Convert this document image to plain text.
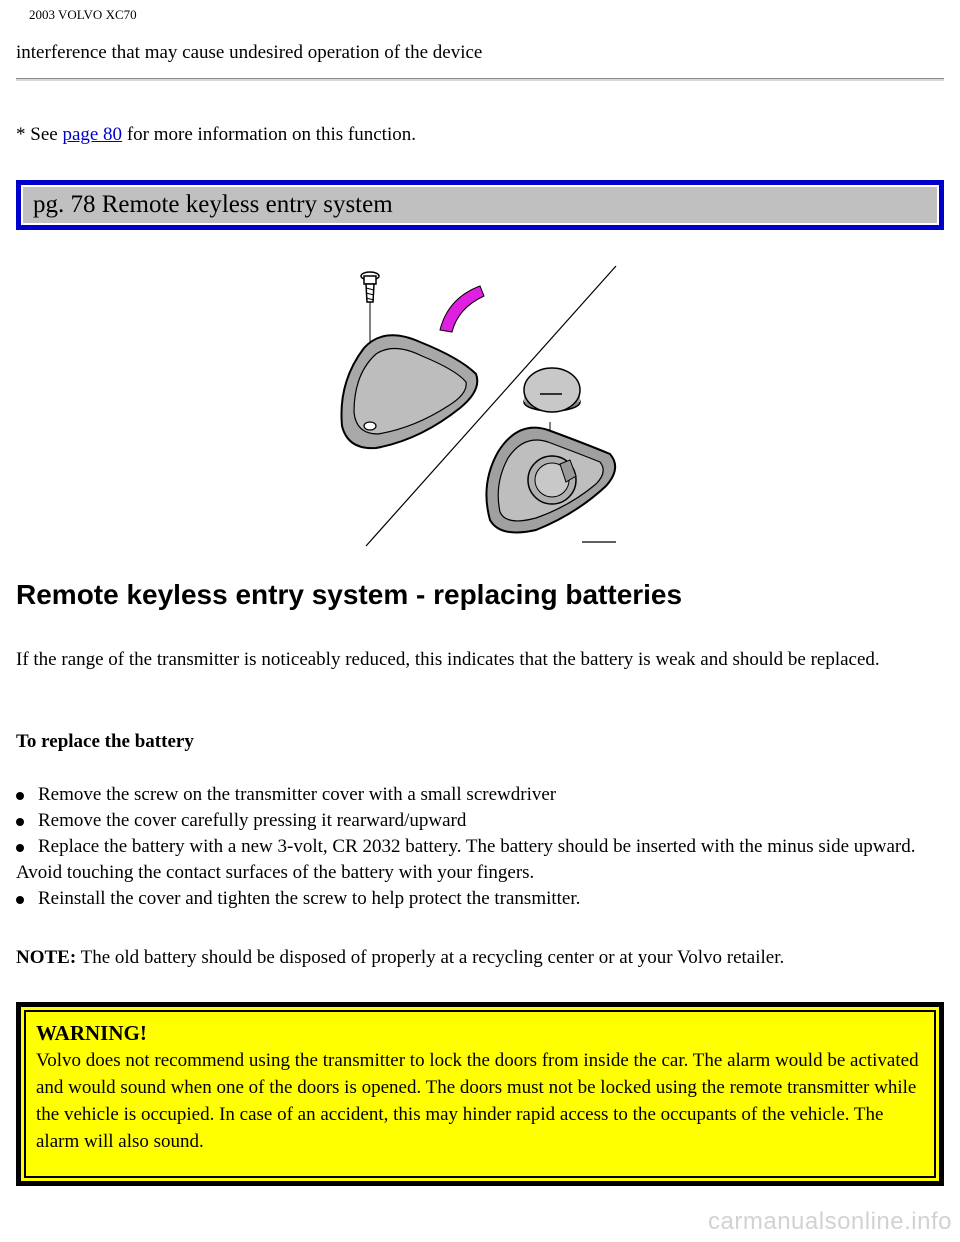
2003 VOLVO XC70
interference that may cause undesired operation of the device
* See page 80 for more information on this function.
pg. 78 Remote keyless entry system
Remote keyless entry system - replacing batteries
If the range of the transmitter is noticeably reduced, this indicates that the battery is weak and should be replaced.
To replace the battery
Remove the screw on the transmitter cover with a small screwdriver
Remove the cover carefully pressing it rearward/upward
Replace the battery with a new 3-volt, CR 2032 battery. The battery should be inserted with the minus side upward. Avoid touching the contact surfaces of the battery with your fingers.
Reinstall the cover and tighten the screw to help protect the transmitter.
NOTE: The old battery should be disposed of properly at a recycling center or at your Volvo retailer.
WARNING!
Volvo does not recommend using the transmitter to lock the doors from inside the car. The alarm would be activated and would sound when one of the doors is opened. The doors must not be locked using the remote transmitter while the vehicle is occupied. In case of an accident, this may hinder rapid access to the occupants of the vehicle. The alarm will also sound.
carmanualsonline.info
